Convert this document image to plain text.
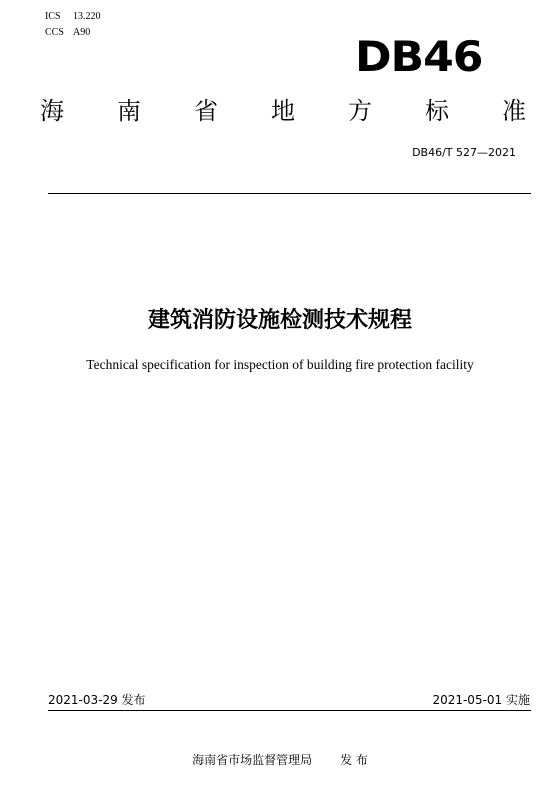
ICS 13.220
CCS A90	DB46
海 南 省 地 方 标 准
DB46/T 527—2021
建筑消防设施检测技术规程
Technical specification for inspection of building fire protection facility
2021-03-29 发布	2021-05-01 实施
海南省市场监督管理局 发 布
